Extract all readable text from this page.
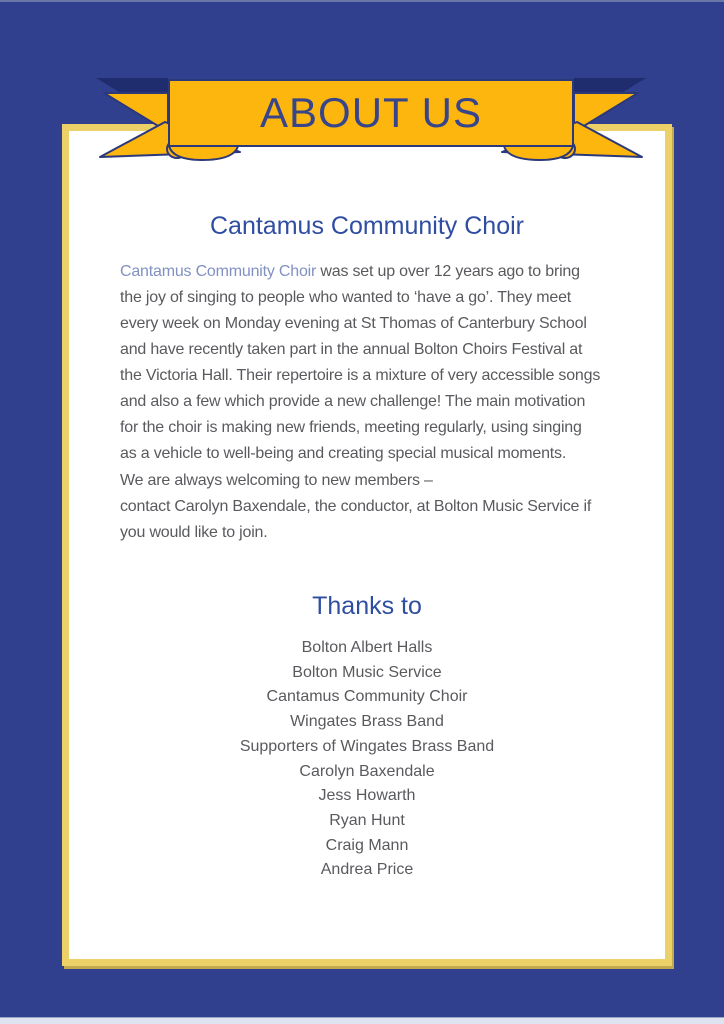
ABOUT US
Cantamus Community Choir
Cantamus Community Choir was set up over 12 years ago to bring
the joy of singing to people who wanted to ‘have a go’. They meet
every week on Monday evening at St Thomas of Canterbury School
and have recently taken part in the annual Bolton Choirs Festival at
the Victoria Hall. Their repertoire is a mixture of very accessible songs
and also a few which provide a new challenge! The main motivation
for the choir is making new friends, meeting regularly, using singing
as a vehicle to well-being and creating special musical moments.
We are always welcoming to new members –
contact Carolyn Baxendale, the conductor, at Bolton Music Service if
you would like to join.
Thanks to
Bolton Albert Halls
Bolton Music Service
Cantamus Community Choir
Wingates Brass Band
Supporters of Wingates Brass Band
Carolyn Baxendale
Jess Howarth
Ryan Hunt
Craig Mann
Andrea Price
